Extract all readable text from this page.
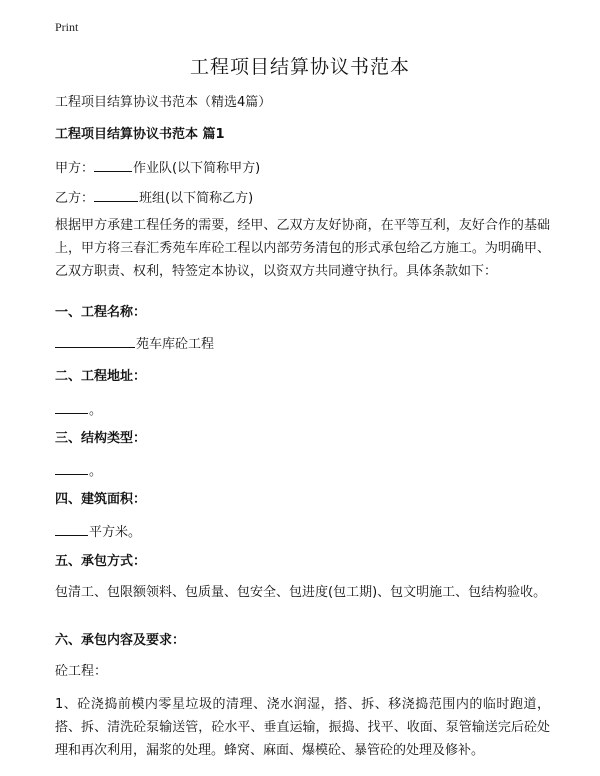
Print
工程项目结算协议书范本
工程项目结算协议书范本（精选4篇）
工程项目结算协议书范本 篇1
甲方：	作业队(以下简称甲方)
乙方：	班组(以下简称乙方)
根据甲方承建工程任务的需要，经甲、乙双方友好协商，在平等互利，友好合作的基础上，甲方将三春汇秀苑车库砼工程以内部劳务清包的形式承包给乙方施工。为明确甲、乙双方职责、权利，特签定本协议，以资双方共同遵守执行。具体条款如下：
一、工程名称：
苑车库砼工程
二、工程地址：
。
三、结构类型：
。
四、建筑面积：
平方米。
五、承包方式：
包清工、包限额领料、包质量、包安全、包进度(包工期)、包文明施工、包结构验收。
六、承包内容及要求：
砼工程：
1、砼浇捣前模内零星垃圾的清理、浇水润湿，搭、拆、移浇捣范围内的临时跑道，搭、拆、清洗砼泵输送管，砼水平、垂直运输，振捣、找平、收面、泵管输送完后砼处理和再次利用，漏浆的处理。蜂窝、麻面、爆模砼、暴管砼的处理及修补。
